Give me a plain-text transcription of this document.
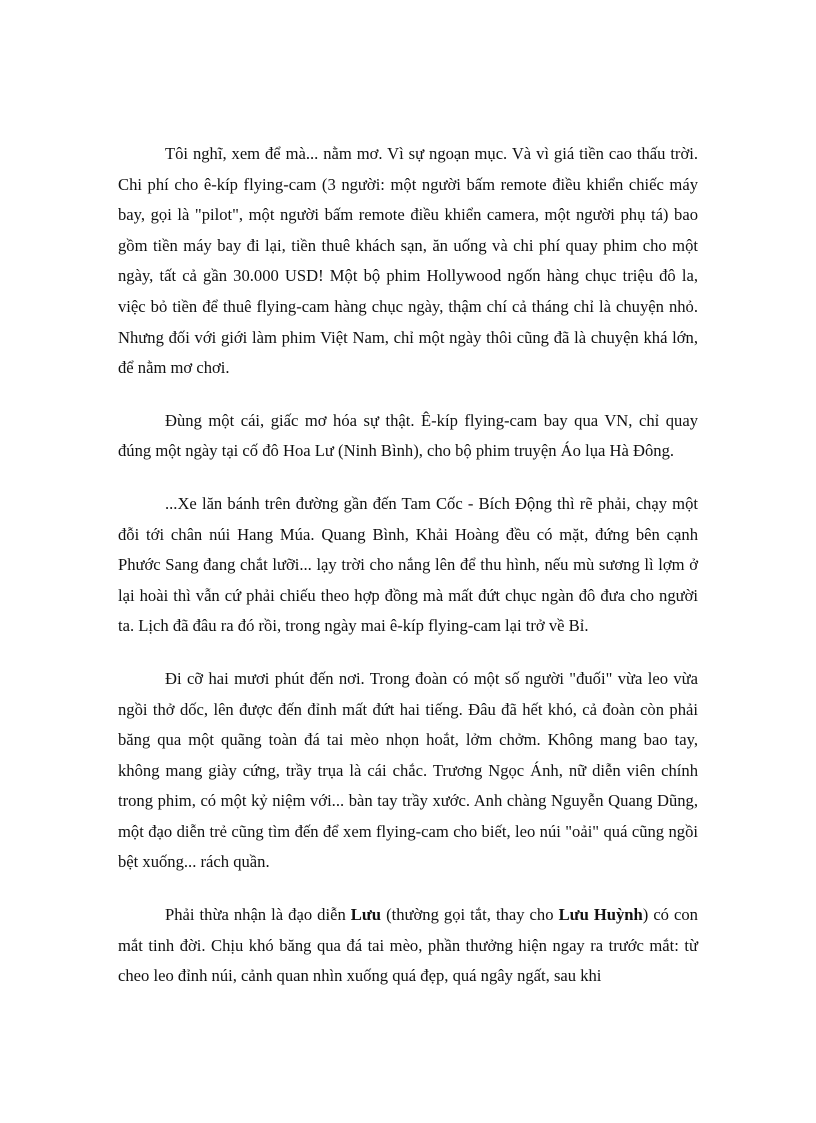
Tôi nghĩ, xem để mà... nằm mơ. Vì sự ngoạn mục. Và vì giá tiền cao thấu trời. Chi phí cho ê-kíp flying-cam (3 người: một người bấm remote điều khiển chiếc máy bay, gọi là "pilot", một người bấm remote điều khiển camera, một người phụ tá) bao gồm tiền máy bay đi lại, tiền thuê khách sạn, ăn uống và chi phí quay phim cho một ngày, tất cả gần 30.000 USD! Một bộ phim Hollywood ngốn hàng chục triệu đô la, việc bỏ tiền để thuê flying-cam hàng chục ngày, thậm chí cả tháng chỉ là chuyện nhỏ. Nhưng đối với giới làm phim Việt Nam, chỉ một ngày thôi cũng đã là chuyện khá lớn, để nằm mơ chơi.

Đùng một cái, giấc mơ hóa sự thật. Ê-kíp flying-cam bay qua VN, chỉ quay đúng một ngày tại cố đô Hoa Lư (Ninh Bình), cho bộ phim truyện Áo lụa Hà Đông.

...Xe lăn bánh trên đường gần đến Tam Cốc - Bích Động thì rẽ phải, chạy một đỗi tới chân núi Hang Múa. Quang Bình, Khải Hoàng đều có mặt, đứng bên cạnh Phước Sang đang chắt lưỡi... lạy trời cho nắng lên để thu hình, nếu mù sương lì lợm ở lại hoài thì vẫn cứ phải chiếu theo hợp đồng mà mất đứt chục ngàn đô đưa cho người ta. Lịch đã đâu ra đó rồi, trong ngày mai ê-kíp flying-cam lại trở về Bỉ.

Đi cỡ hai mươi phút đến nơi. Trong đoàn có một số người "đuối" vừa leo vừa ngồi thở dốc, lên được đến đỉnh mất đứt hai tiếng. Đâu đã hết khó, cả đoàn còn phải băng qua một quãng toàn đá tai mèo nhọn hoắt, lởm chởm. Không mang bao tay, không mang giày cứng, trầy trụa là cái chắc. Trương Ngọc Ánh, nữ diễn viên chính trong phim, có một kỷ niệm với... bàn tay trầy xước. Anh chàng Nguyễn Quang Dũng, một đạo diễn trẻ cũng tìm đến để xem flying-cam cho biết, leo núi "oải" quá cũng ngồi bệt xuống... rách quần.

Phải thừa nhận là đạo diễn Lưu (thường gọi tắt, thay cho Lưu Huỳnh) có con mắt tinh đời. Chịu khó băng qua đá tai mèo, phần thưởng hiện ngay ra trước mắt: từ cheo leo đỉnh núi, cảnh quan nhìn xuống quá đẹp, quá ngây ngất, sau khi
